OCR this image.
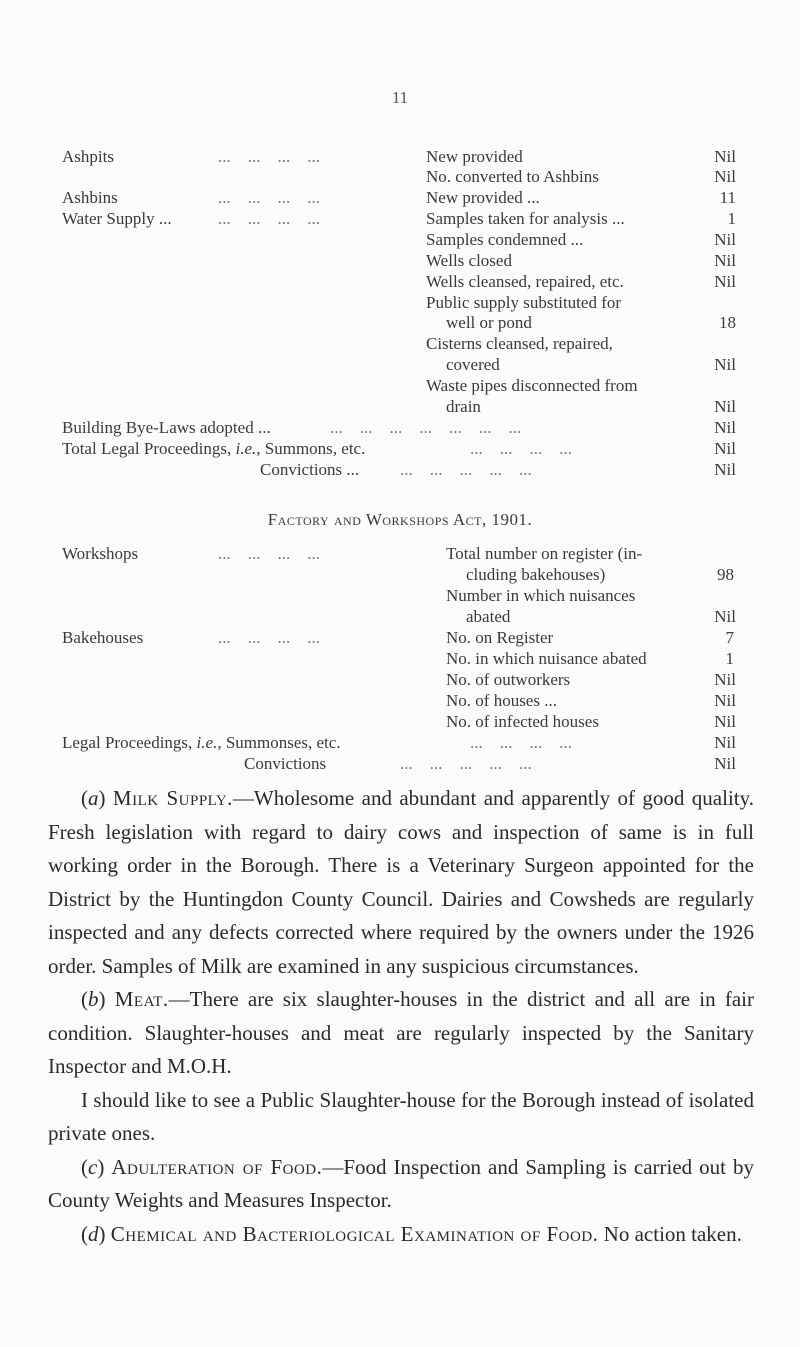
11
Ashpits	...    ...    ...    ...	New provided	Nil
No. converted to Ashbins	Nil
Ashbins	...    ...    ...    ...	New provided ...	11
Water Supply ...	...    ...    ...    ...	Samples taken for analysis ...	1
Samples condemned ...	Nil
Wells closed	Nil
Wells cleansed, repaired, etc.	Nil
Public supply substituted for
well or pond	18
Cisterns cleansed, repaired,
covered	Nil
Waste pipes disconnected from
drain	Nil
Building Bye-Laws adopted ...	...    ...    ...    ...    ...    ...    ...	Nil
Total Legal Proceedings, i.e., Summons, etc.	...    ...    ...    ...	Nil
Convictions ... ...    ...    ...    ...    ...	Nil
Factory and Workshops Act, 1901.
Workshops	...    ...    ...    ...	Total number on register (in-
cluding bakehouses)	98
Number in which nuisances
abated	Nil
Bakehouses	...    ...    ...    ...	No. on Register	7
No. in which nuisance abated	1
No. of outworkers	Nil
No. of houses ...	Nil
No. of infected houses	Nil
Legal Proceedings, i.e., Summonses, etc.	...    ...    ...    ...	Nil
Convictions	...    ...    ...    ...    ...	Nil

(a) Milk Supply.—Wholesome and abundant and apparently of good quality. Fresh legislation with regard to dairy cows and inspection of same is in full working order in the Borough. There is a Veterinary Surgeon appointed for the District by the Huntingdon County Council. Dairies and Cowsheds are regularly inspected and any defects corrected where required by the owners under the 1926 order. Samples of Milk are examined in any suspicious circumstances.

(b) Meat.—There are six slaughter-houses in the district and all are in fair condition. Slaughter-houses and meat are regularly inspected by the Sanitary Inspector and M.O.H.

I should like to see a Public Slaughter-house for the Borough instead of isolated private ones.

(c) Adulteration of Food.—Food Inspection and Sampling is carried out by County Weights and Measures Inspector.

(d) Chemical and Bacteriological Examination of Food. No action taken.
